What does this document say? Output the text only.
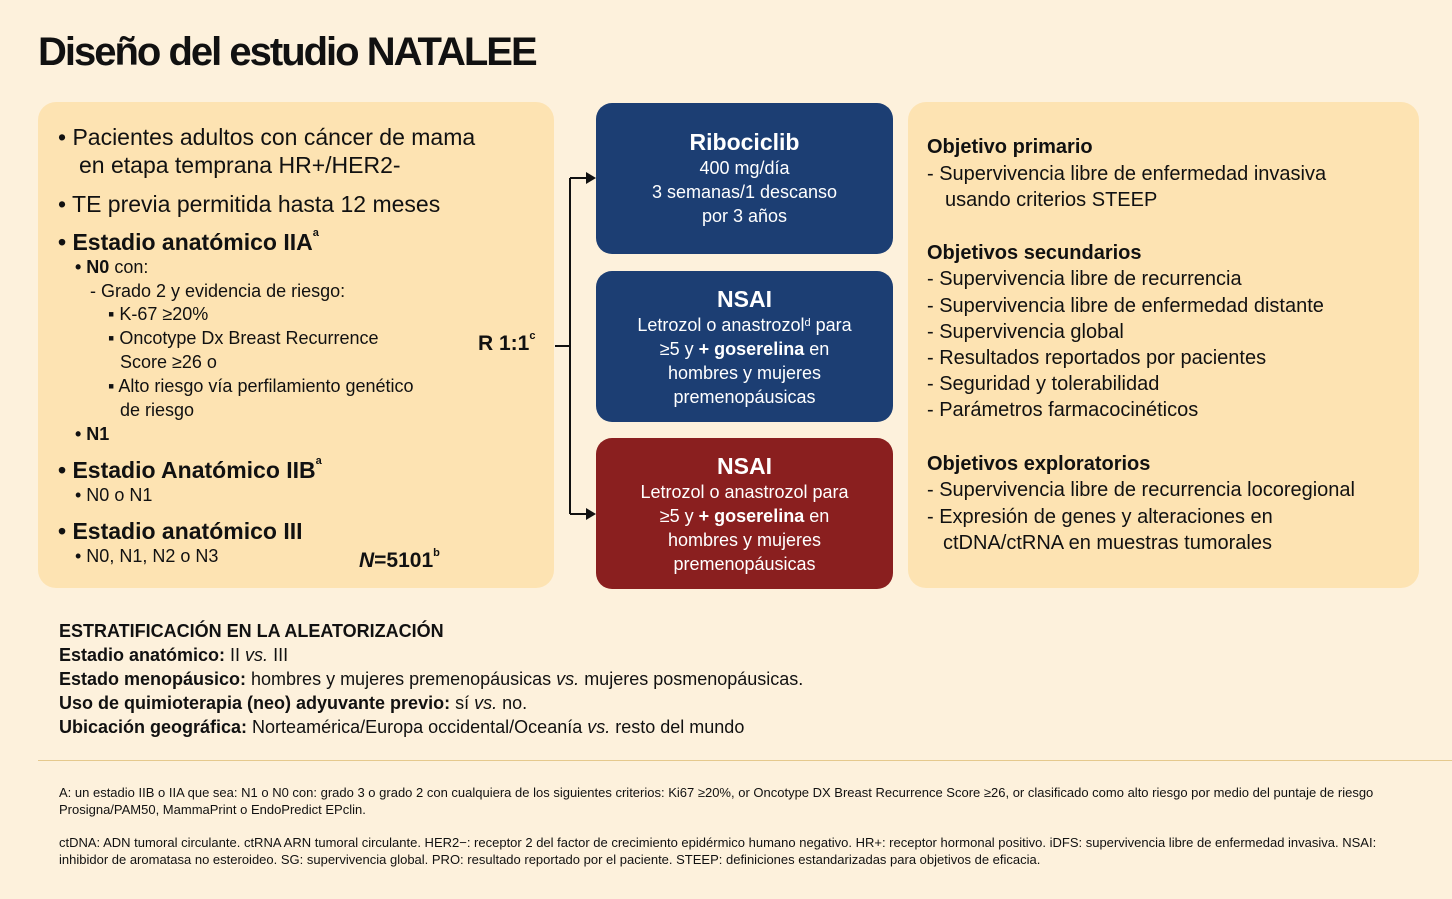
Diseño del estudio NATALEE
• Pacientes adultos con cáncer de mama
en etapa temprana HR+/HER2-
• TE previa permitida hasta 12 meses
• Estadio anatómico IIA$^a$
• N0 con:
- Grado 2 y evidencia de riesgo:
▪ K-67 ≥20%
▪ Oncotype Dx Breast Recurrence
Score ≥26 o
▪ Alto riesgo vía perfilamiento genético
de riesgo
• N1
• Estadio Anatómico IIB$^a$
• N0 o N1
• Estadio anatómico III
• N0, N1, N2 o N3	$N=5101^b$
R 1:1$^c$
Ribociclib
400 mg/día
3 semanas/1 descanso
por 3 años
NSAI
Letrozol o anastrozol$^d$ para
≥5 y + goserelina en
hombres y mujeres
premenopáusicas
NSAI
Letrozol o anastrozol para
≥5 y + goserelina en
hombres y mujeres
premenopáusicas
Objetivo primario
- Supervivencia libre de enfermedad invasiva
usando criterios STEEP
Objetivos secundarios
- Supervivencia libre de recurrencia
- Supervivencia libre de enfermedad distante
- Supervivencia global
- Resultados reportados por pacientes
- Seguridad y tolerabilidad
- Parámetros farmacocinéticos
Objetivos exploratorios
- Supervivencia libre de recurrencia locoregional
- Expresión de genes y alteraciones en
ctDNA/ctRNA en muestras tumorales
ESTRATIFICACIÓN EN LA ALEATORIZACIÓN
Estadio anatómico: II vs. III
Estado menopáusico: hombres y mujeres premenopáusicas vs. mujeres posmenopáusicas.
Uso de quimioterapia (neo) adyuvante previo: sí vs. no.
Ubicación geográfica: Norteamérica/Europa occidental/Oceanía vs. resto del mundo
A: un estadio IIB o IIA que sea: N1 o N0 con: grado 3 o grado 2 con cualquiera de los siguientes criterios: Ki67 ≥20%, or Oncotype DX Breast Recurrence Score ≥26, or clasificado como alto riesgo por medio del puntaje de riesgo Prosigna/PAM50, MammaPrint o EndoPredict EPclin.
ctDNA: ADN tumoral circulante. ctRNA ARN tumoral circulante. HER2−: receptor 2 del factor de crecimiento epidérmico humano negativo. HR+: receptor hormonal positivo. iDFS: supervivencia libre de enfermedad invasiva. NSAI: inhibidor de aromatasa no esteroideo. SG: supervivencia global. PRO: resultado reportado por el paciente. STEEP: definiciones estandarizadas para objetivos de eficacia.
